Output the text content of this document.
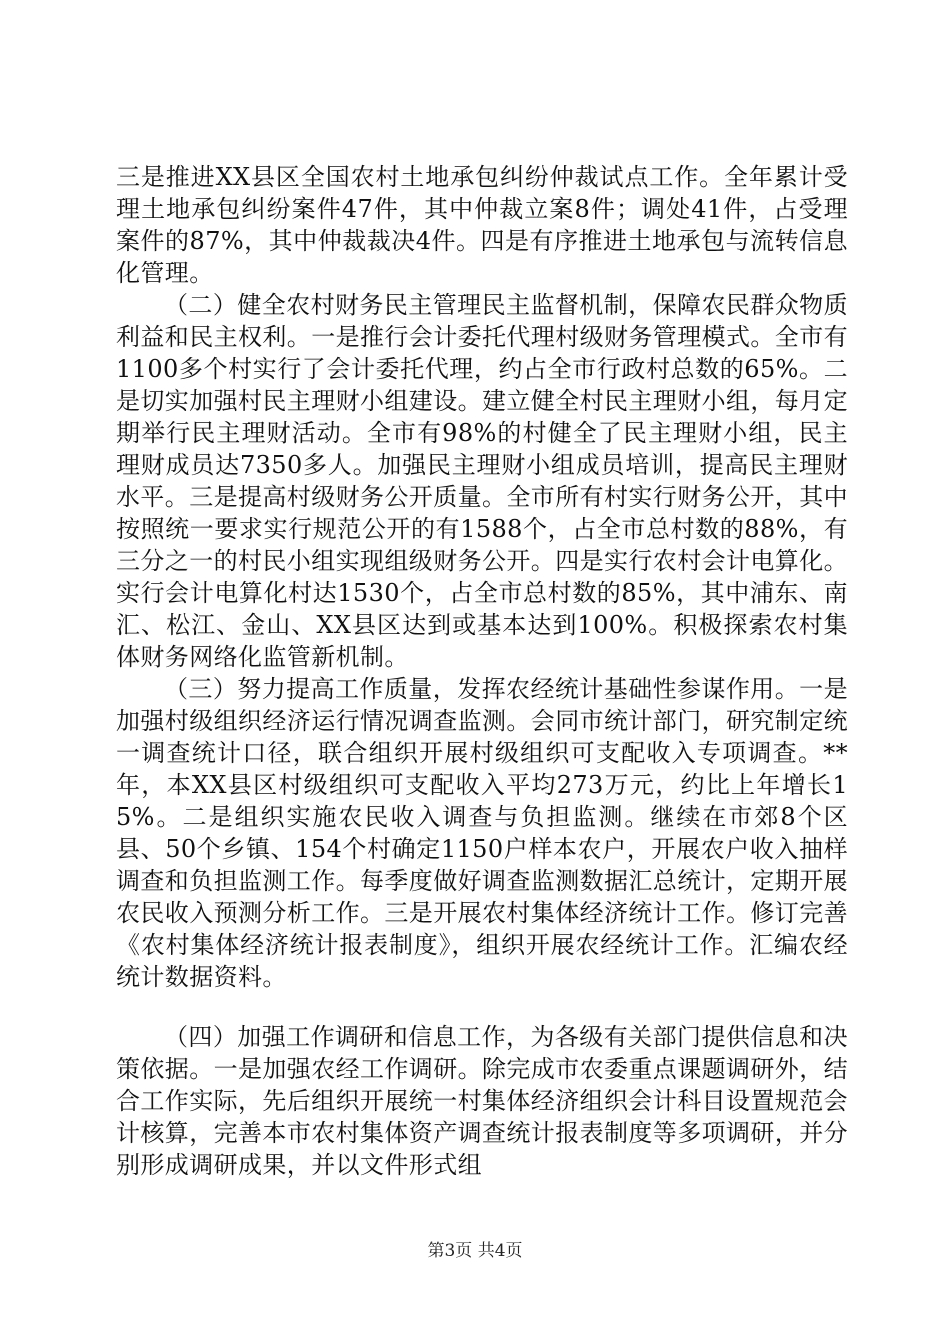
三是推进XX县区全国农村土地承包纠纷仲裁试点工作。全年累计受理土地承包纠纷案件47件，其中仲裁立案8件；调处41件，占受理案件的87%，其中仲裁裁决4件。四是有序推进土地承包与流转信息化管理。

（二）健全农村财务民主管理民主监督机制，保障农民群众物质利益和民主权利。一是推行会计委托代理村级财务管理模式。全市有1100多个村实行了会计委托代理，约占全市行政村总数的65%。二是切实加强村民主理财小组建设。建立健全村民主理财小组，每月定期举行民主理财活动。全市有98%的村健全了民主理财小组，民主理财成员达7350多人。加强民主理财小组成员培训，提高民主理财水平。三是提高村级财务公开质量。全市所有村实行财务公开，其中按照统一要求实行规范公开的有1588个，占全市总村数的88%，有三分之一的村民小组实现组级财务公开。四是实行农村会计电算化。实行会计电算化村达1530个，占全市总村数的85%，其中浦东、南汇、松江、金山、XX县区达到或基本达到100%。积极探索农村集体财务网络化监管新机制。

（三）努力提高工作质量，发挥农经统计基础性参谋作用。一是加强村级组织经济运行情况调查监测。会同市统计部门，研究制定统一调查统计口径，联合组织开展村级组织可支配收入专项调查。**年，本XX县区村级组织可支配收入平均273万元，约比上年增长15%。二是组织实施农民收入调查与负担监测。继续在市郊8个区县、50个乡镇、154个村确定1150户样本农户，开展农户收入抽样调查和负担监测工作。每季度做好调查监测数据汇总统计，定期开展农民收入预测分析工作。三是开展农村集体经济统计工作。修订完善《农村集体经济统计报表制度》，组织开展农经统计工作。汇编农经统计数据资料。

（四）加强工作调研和信息工作，为各级有关部门提供信息和决策依据。一是加强农经工作调研。除完成市农委重点课题调研外，结合工作实际，先后组织开展统一村集体经济组织会计科目设置规范会计核算，完善本市农村集体资产调查统计报表制度等多项调研，并分别形成调研成果，并以文件形式组

第3页 共4页
